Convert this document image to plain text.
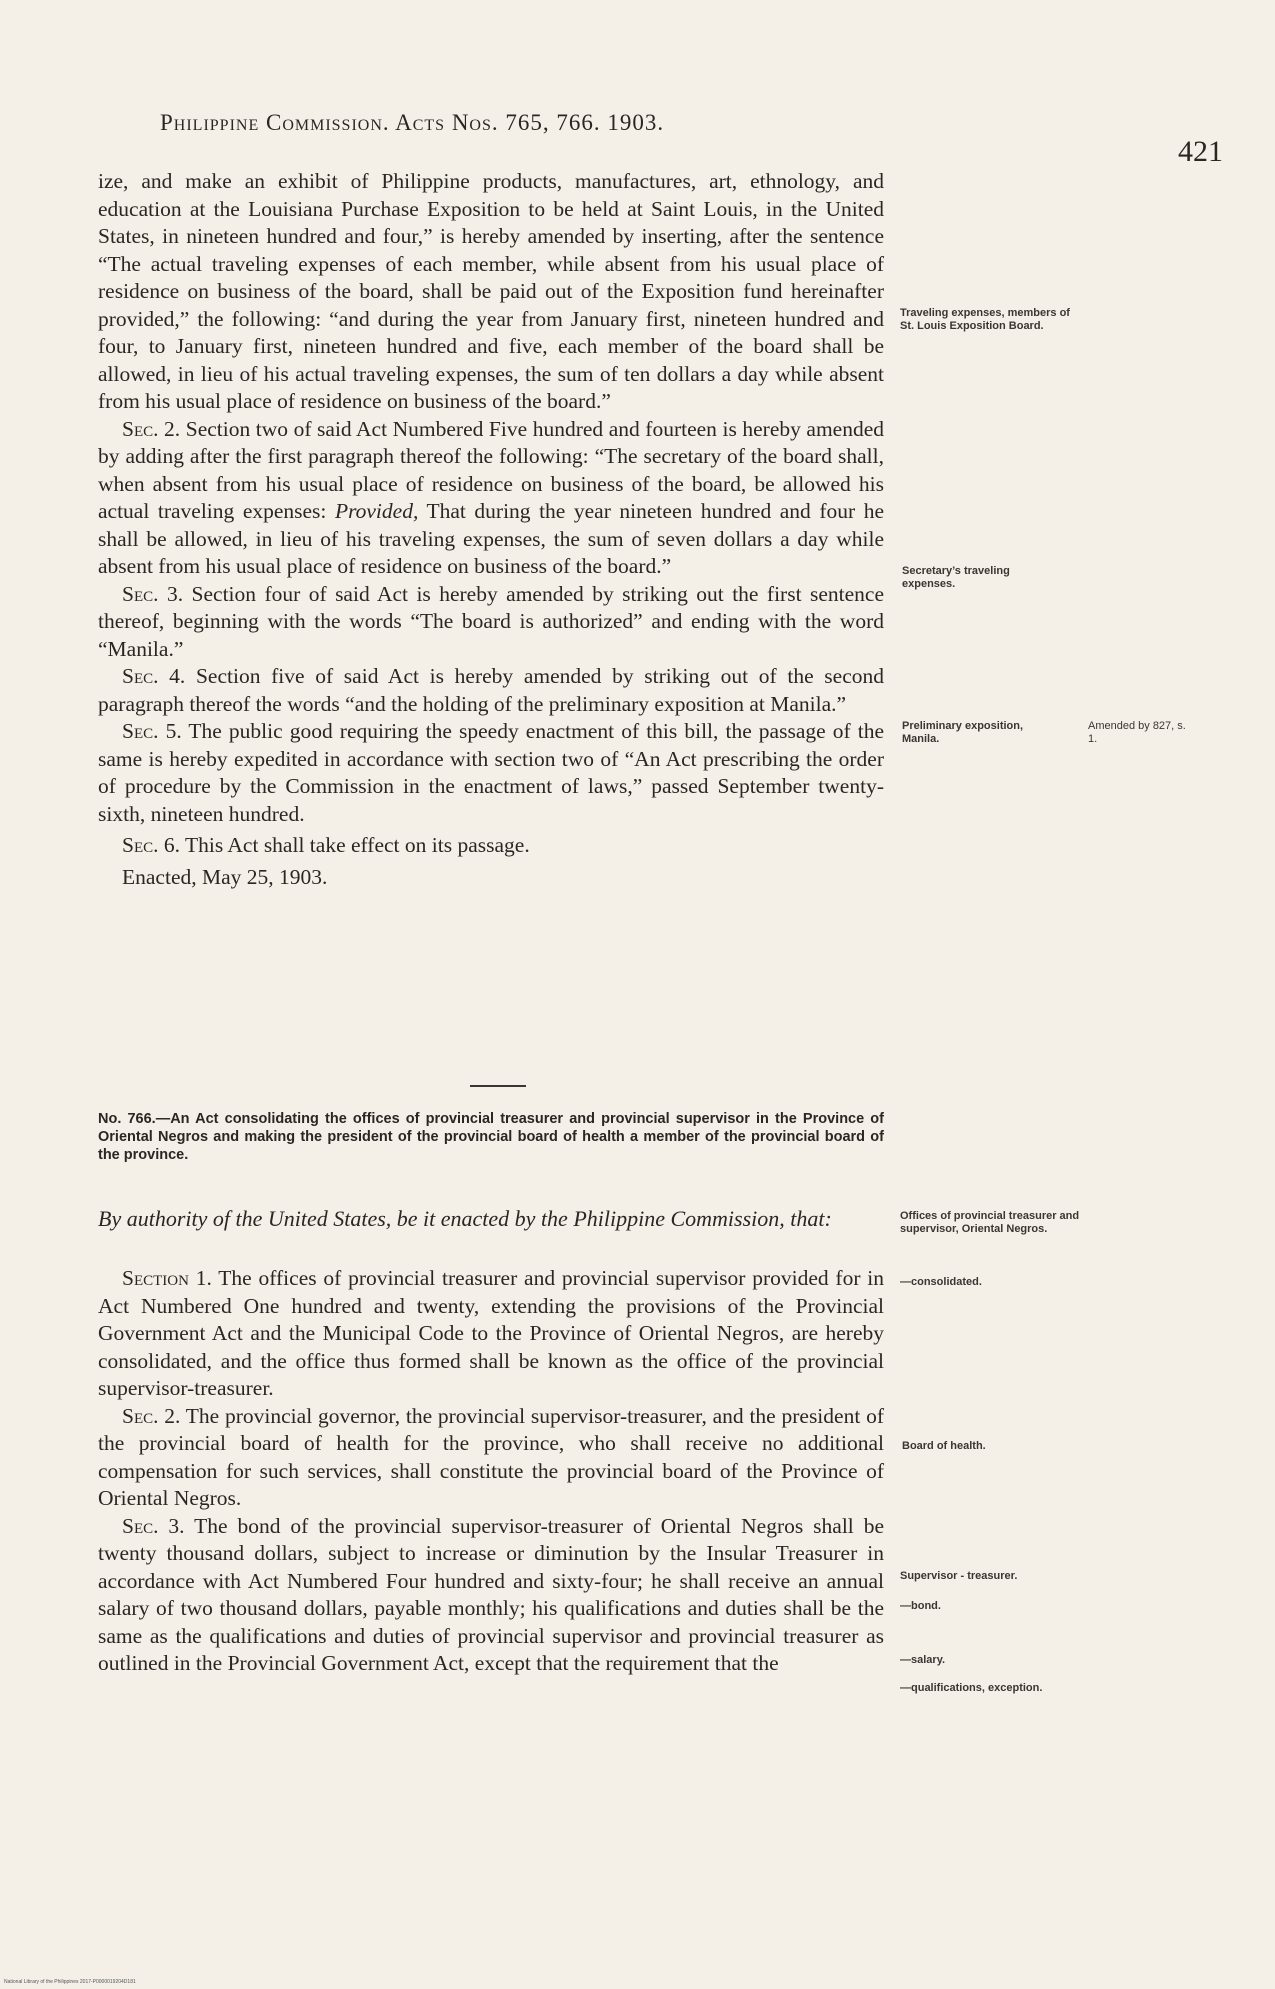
Philippine Commission. Acts Nos. 765, 766. 1903.
421

ize, and make an exhibit of Philippine products, manufactures, art, ethnology, and education at the Louisiana Purchase Exposition to be held at Saint Louis, in the United States, in nineteen hundred and four,” is hereby amended by inserting, after the sentence “The actual traveling expenses of each member, while absent from his usual place of residence on business of the board, shall be paid out of the Exposition fund hereinafter provided,” the following: “and during the year from January first, nineteen hundred and four, to January first, nineteen hundred and five, each member of the board shall be allowed, in lieu of his actual traveling expenses, the sum of ten dollars a day while absent from his usual place of residence on business of the board.”

Sec. 2. Section two of said Act Numbered Five hundred and fourteen is hereby amended by adding after the first paragraph thereof the following: “The secretary of the board shall, when absent from his usual place of residence on business of the board, be allowed his actual traveling expenses: Provided, That during the year nineteen hundred and four he shall be allowed, in lieu of his traveling expenses, the sum of seven dollars a day while absent from his usual place of residence on business of the board.”

Sec. 3. Section four of said Act is hereby amended by striking out the first sentence thereof, beginning with the words “The board is authorized” and ending with the word “Manila.”

Sec. 4. Section five of said Act is hereby amended by striking out of the second paragraph thereof the words “and the holding of the preliminary exposition at Manila.”

Sec. 5. The public good requiring the speedy enactment of this bill, the passage of the same is hereby expedited in accordance with section two of “An Act prescribing the order of procedure by the Commission in the enactment of laws,” passed September twenty-sixth, nineteen hundred.

Sec. 6. This Act shall take effect on its passage.

Enacted, May 25, 1903.

No. 766.—An Act consolidating the offices of provincial treasurer and provincial supervisor in the Province of Oriental Negros and making the president of the provincial board of health a member of the provincial board of the province.
By authority of the United States, be it enacted by the Philippine Commission, that:

Section 1. The offices of provincial treasurer and provincial supervisor provided for in Act Numbered One hundred and twenty, extending the provisions of the Provincial Government Act and the Municipal Code to the Province of Oriental Negros, are hereby consolidated, and the office thus formed shall be known as the office of the provincial supervisor-treasurer.

Sec. 2. The provincial governor, the provincial supervisor-treasurer, and the president of the provincial board of health for the province, who shall receive no additional compensation for such services, shall constitute the provincial board of the Province of Oriental Negros.

Sec. 3. The bond of the provincial supervisor-treasurer of Oriental Negros shall be twenty thousand dollars, subject to increase or diminution by the Insular Treasurer in accordance with Act Numbered Four hundred and sixty-four; he shall receive an annual salary of two thousand dollars, payable monthly; his qualifications and duties shall be the same as the qualifications and duties of provincial supervisor and provincial treasurer as outlined in the Provincial Government Act, except that the requirement that the

Traveling expenses, members of St. Louis Exposition Board.
Secretary’s traveling expenses.
Preliminary exposition, Manila.
Amended by 827, s. 1.
Offices of provincial treasurer and supervisor, Oriental Negros.
—consolidated.
Board of health.
Supervisor - treasurer.
—bond.
—salary.
—qualifications, exception.
National Library of the Philippines 2017-P0000019204D181
